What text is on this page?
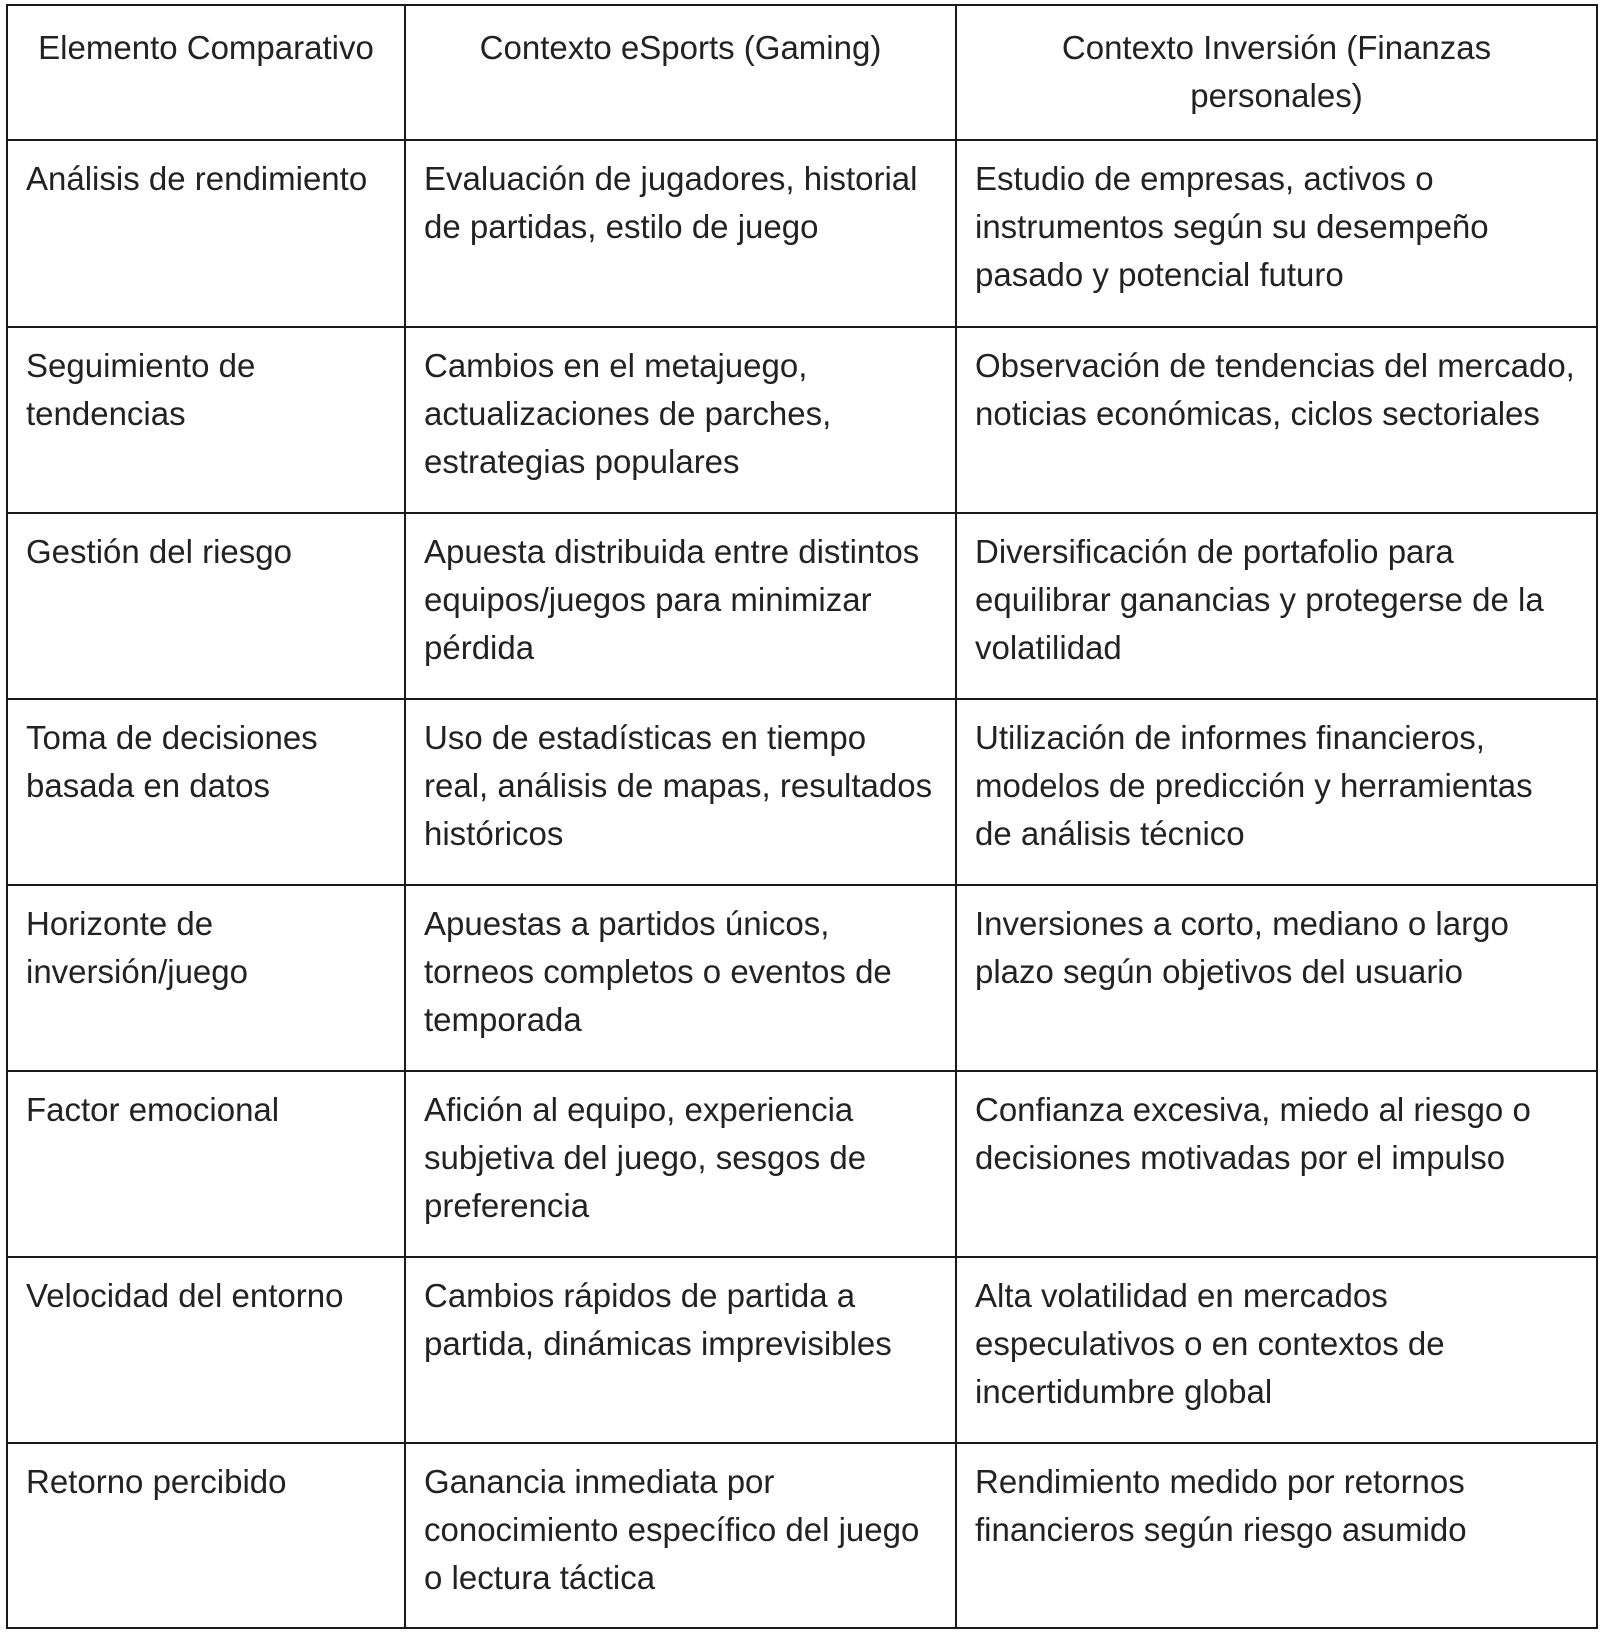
Elemento Comparativo	Contexto eSports (Gaming)	Contexto Inversión (Finanzas personales)
Análisis de rendimiento	Evaluación de jugadores, historial de partidas, estilo de juego	Estudio de empresas, activos o instrumentos según su desempeño pasado y potencial futuro
Seguimiento de tendencias	Cambios en el metajuego, actualizaciones de parches, estrategias populares	Observación de tendencias del mercado, noticias económicas, ciclos sectoriales
Gestión del riesgo	Apuesta distribuida entre distintos equipos/juegos para minimizar pérdida	Diversificación de portafolio para equilibrar ganancias y protegerse de la volatilidad
Toma de decisiones basada en datos	Uso de estadísticas en tiempo real, análisis de mapas, resultados históricos	Utilización de informes financieros, modelos de predicción y herramientas de análisis técnico
Horizonte de inversión/juego	Apuestas a partidos únicos, torneos completos o eventos de temporada	Inversiones a corto, mediano o largo plazo según objetivos del usuario
Factor emocional	Afición al equipo, experiencia subjetiva del juego, sesgos de preferencia	Confianza excesiva, miedo al riesgo o decisiones motivadas por el impulso
Velocidad del entorno	Cambios rápidos de partida a partida, dinámicas imprevisibles	Alta volatilidad en mercados especulativos o en contextos de incertidumbre global
Retorno percibido	Ganancia inmediata por conocimiento específico del juego o lectura táctica	Rendimiento medido por retornos financieros según riesgo asumido
